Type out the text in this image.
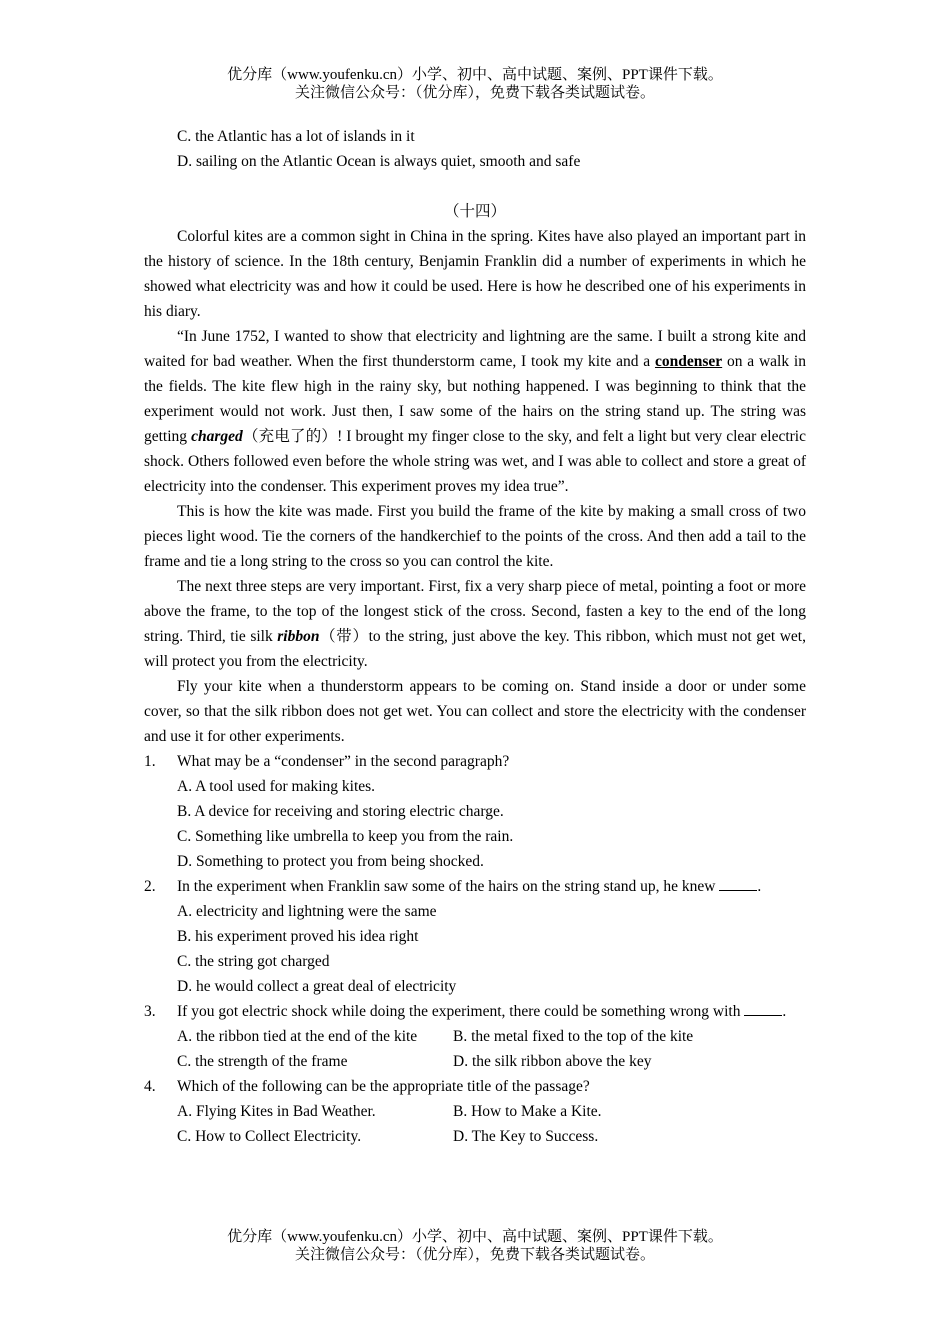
优分库（www.youfenku.cn）小学、初中、高中试题、案例、PPT课件下载。
关注微信公众号：（优分库），免费下载各类试题试卷。
C. the Atlantic has a lot of islands in it
D. sailing on the Atlantic Ocean is always quiet, smooth and safe
（十四）
Colorful kites are a common sight in China in the spring. Kites have also played an important part in the history of science. In the 18th century, Benjamin Franklin did a number of experiments in which he showed what electricity was and how it could be used. Here is how he described one of his experiments in his diary.
“In June 1752, I wanted to show that electricity and lightning are the same. I built a strong kite and waited for bad weather. When the first thunderstorm came, I took my kite and a condenser on a walk in the fields. The kite flew high in the rainy sky, but nothing happened. I was beginning to think that the experiment would not work. Just then, I saw some of the hairs on the string stand up. The string was getting charged（充电了的）! I brought my finger close to the sky, and felt a light but very clear electric shock. Others followed even before the whole string was wet, and I was able to collect and store a great of electricity into the condenser. This experiment proves my idea true”.
This is how the kite was made. First you build the frame of the kite by making a small cross of two pieces light wood. Tie the corners of the handkerchief to the points of the cross. And then add a tail to the frame and tie a long string to the cross so you can control the kite.
The next three steps are very important. First, fix a very sharp piece of metal, pointing a foot or more above the frame, to the top of the longest stick of the cross. Second, fasten a key to the end of the long string. Third, tie silk ribbon（带）to the string, just above the key. This ribbon, which must not get wet, will protect you from the electricity.
Fly your kite when a thunderstorm appears to be coming on. Stand inside a door or under some cover, so that the silk ribbon does not get wet. You can collect and store the electricity with the condenser and use it for other experiments.
1.	What may be a “condenser” in the second paragraph?
A. A tool used for making kites.
B. A device for receiving and storing electric charge.
C. Something like umbrella to keep you from the rain.
D. Something to protect you from being shocked.
2.	In the experiment when Franklin saw some of the hairs on the string stand up, he knew	.
A. electricity and lightning were the same
B. his experiment proved his idea right
C. the string got charged
D. he would collect a great deal of electricity
3.	If you got electric shock while doing the experiment, there could be something wrong with	.
A. the ribbon tied at the end of the kite	B. the metal fixed to the top of the kite
C. the strength of the frame	D. the silk ribbon above the key
4.	Which of the following can be the appropriate title of the passage?
A. Flying Kites in Bad Weather.	B. How to Make a Kite.
C. How to Collect Electricity.	D. The Key to Success.
优分库（www.youfenku.cn）小学、初中、高中试题、案例、PPT课件下载。
关注微信公众号：（优分库），免费下载各类试题试卷。
